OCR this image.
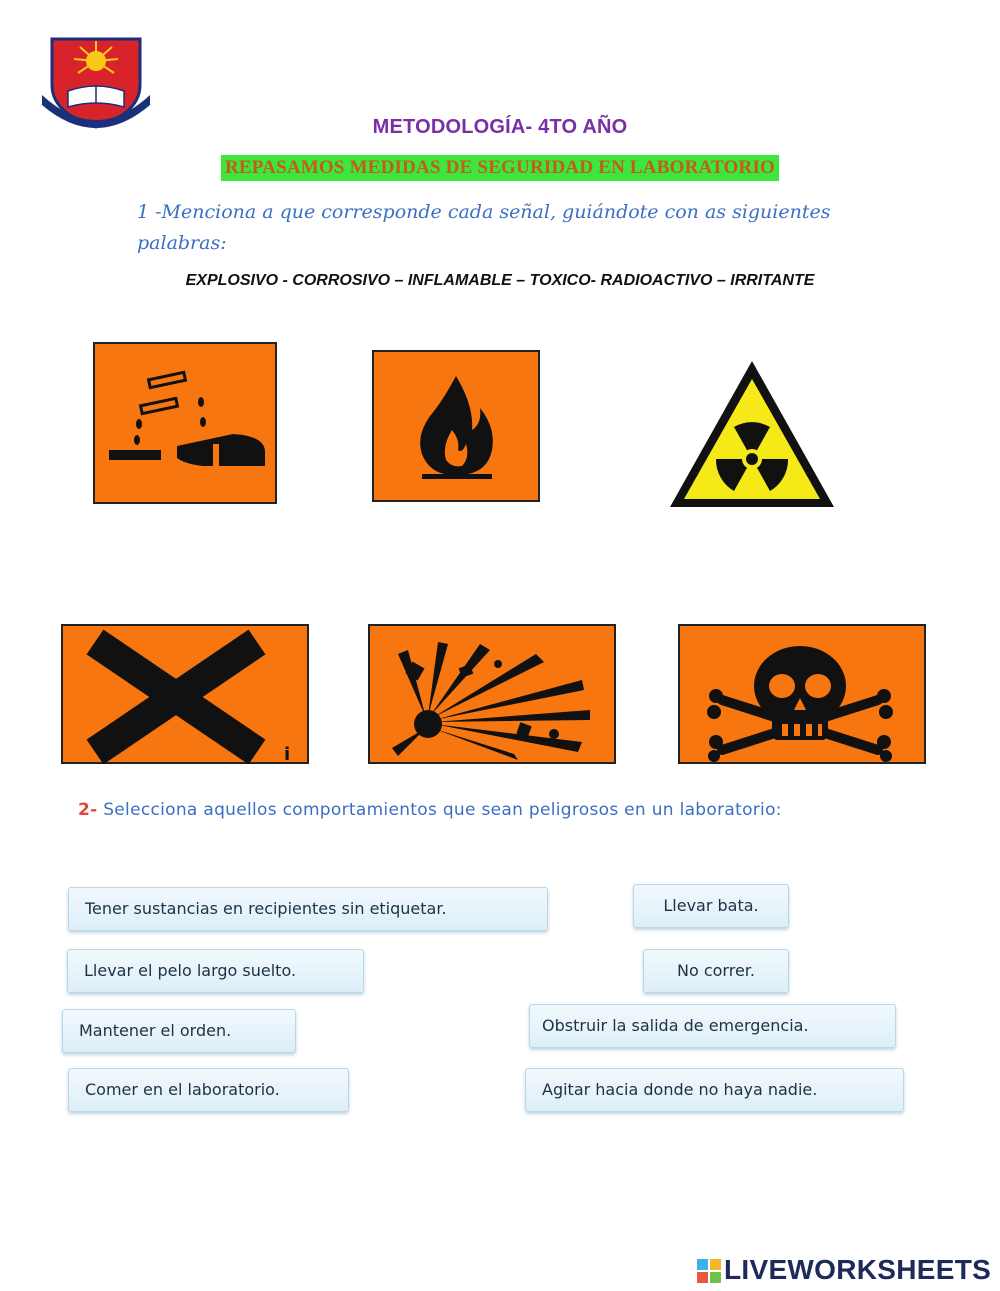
METODOLOGÍA- 4TO AÑO
REPASAMOS MEDIDAS DE SEGURIDAD EN LABORATORIO
1 -Menciona a que corresponde cada señal, guiándote con as siguientes palabras:
EXPLOSIVO - CORROSIVO – INFLAMABLE – TOXICO- RADIOACTIVO – IRRITANTE
i
2- Selecciona aquellos comportamientos que sean peligrosos en un laboratorio:
Tener sustancias en recipientes sin etiquetar.	Llevar bata.
Llevar el pelo largo suelto.	No correr.
Mantener el orden.	Obstruir la salida de emergencia.
Comer en el laboratorio.	Agitar hacia donde no haya nadie.
LIVEWORKSHEETS
